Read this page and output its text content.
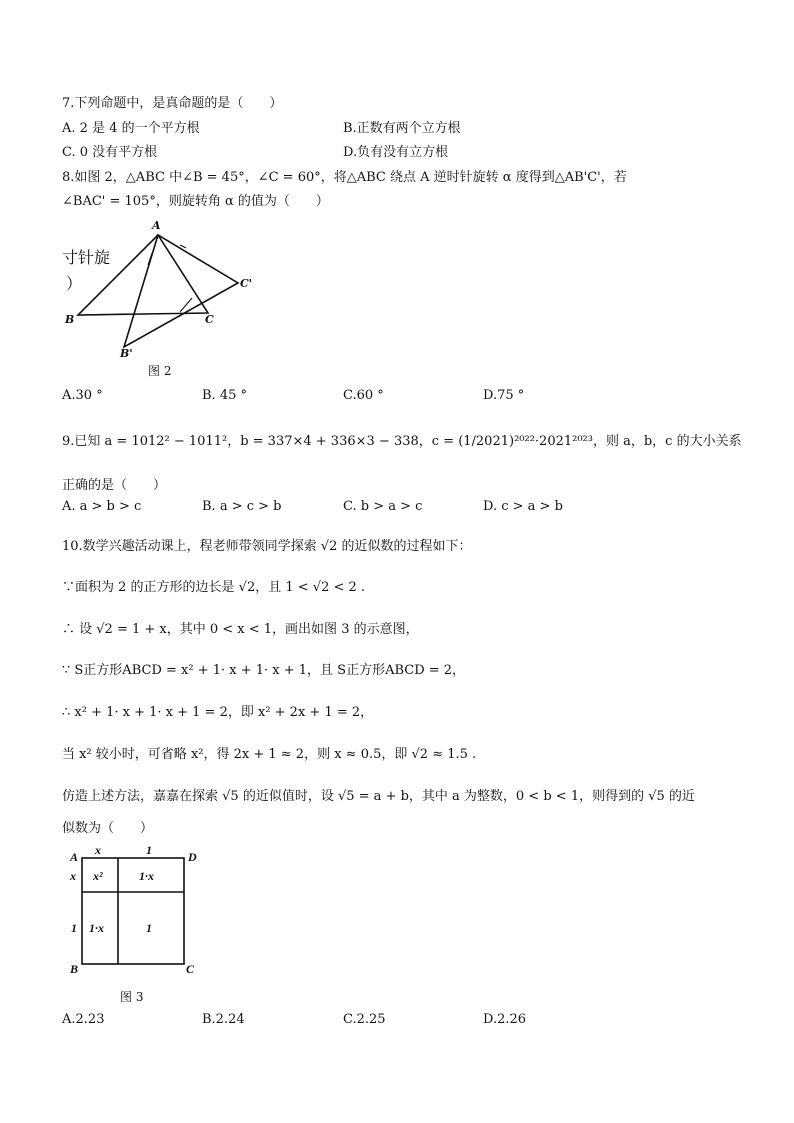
7.下列命题中，是真命题的是（　　）
A. 2 是 4 的一个平方根	B.正数有两个立方根
C. 0 没有平方根	D.负有没有立方根
8.如图 2，△ABC 中∠B = 45°，∠C = 60°，将△ABC 绕点 A 逆时针旋转 α 度得到△AB'C'，若
∠BAC' = 105°，则旋转角 α 的值为（　　）
寸针旋
）
A
B	C
B'
C'
图 2
A.30 °	B. 45 °	C.60 °	D.75 °
9.已知 a = 1012² − 1011²，b = 337×4 + 336×3 − 338，c = (1/2021)²⁰²²·2021²⁰²³，则 a，b，c 的大小关系
正确的是（　　）
A. a > b > c	B. a > c > b	C. b > a > c	D. c > a > b
10.数学兴趣活动课上，程老师带领同学探索 √2 的近似数的过程如下：
∵面积为 2 的正方形的边长是 √2，且 1 < √2 < 2 .
∴ 设 √2 = 1 + x，其中 0 < x < 1，画出如图 3 的示意图，
∵ S正方形ABCD = x² + 1· x + 1· x + 1，且 S正方形ABCD = 2，
∴ x² + 1· x + 1· x + 1 = 2，即 x² + 2x + 1 = 2，
当 x² 较小时，可省略 x²，得 2x + 1 ≈ 2，则 x ≈ 0.5，即 √2 ≈ 1.5 .
仿造上述方法，嘉嘉在探索 √5 的近似值时，设 √5 = a + b，其中 a 为整数，0 < b < 1，则得到的 √5 的近
似数为（　　）
A	D
B	C
x	1
x
1
x²	1·x
1·x	1
图 3
A.2.23	B.2.24	C.2.25	D.2.26
